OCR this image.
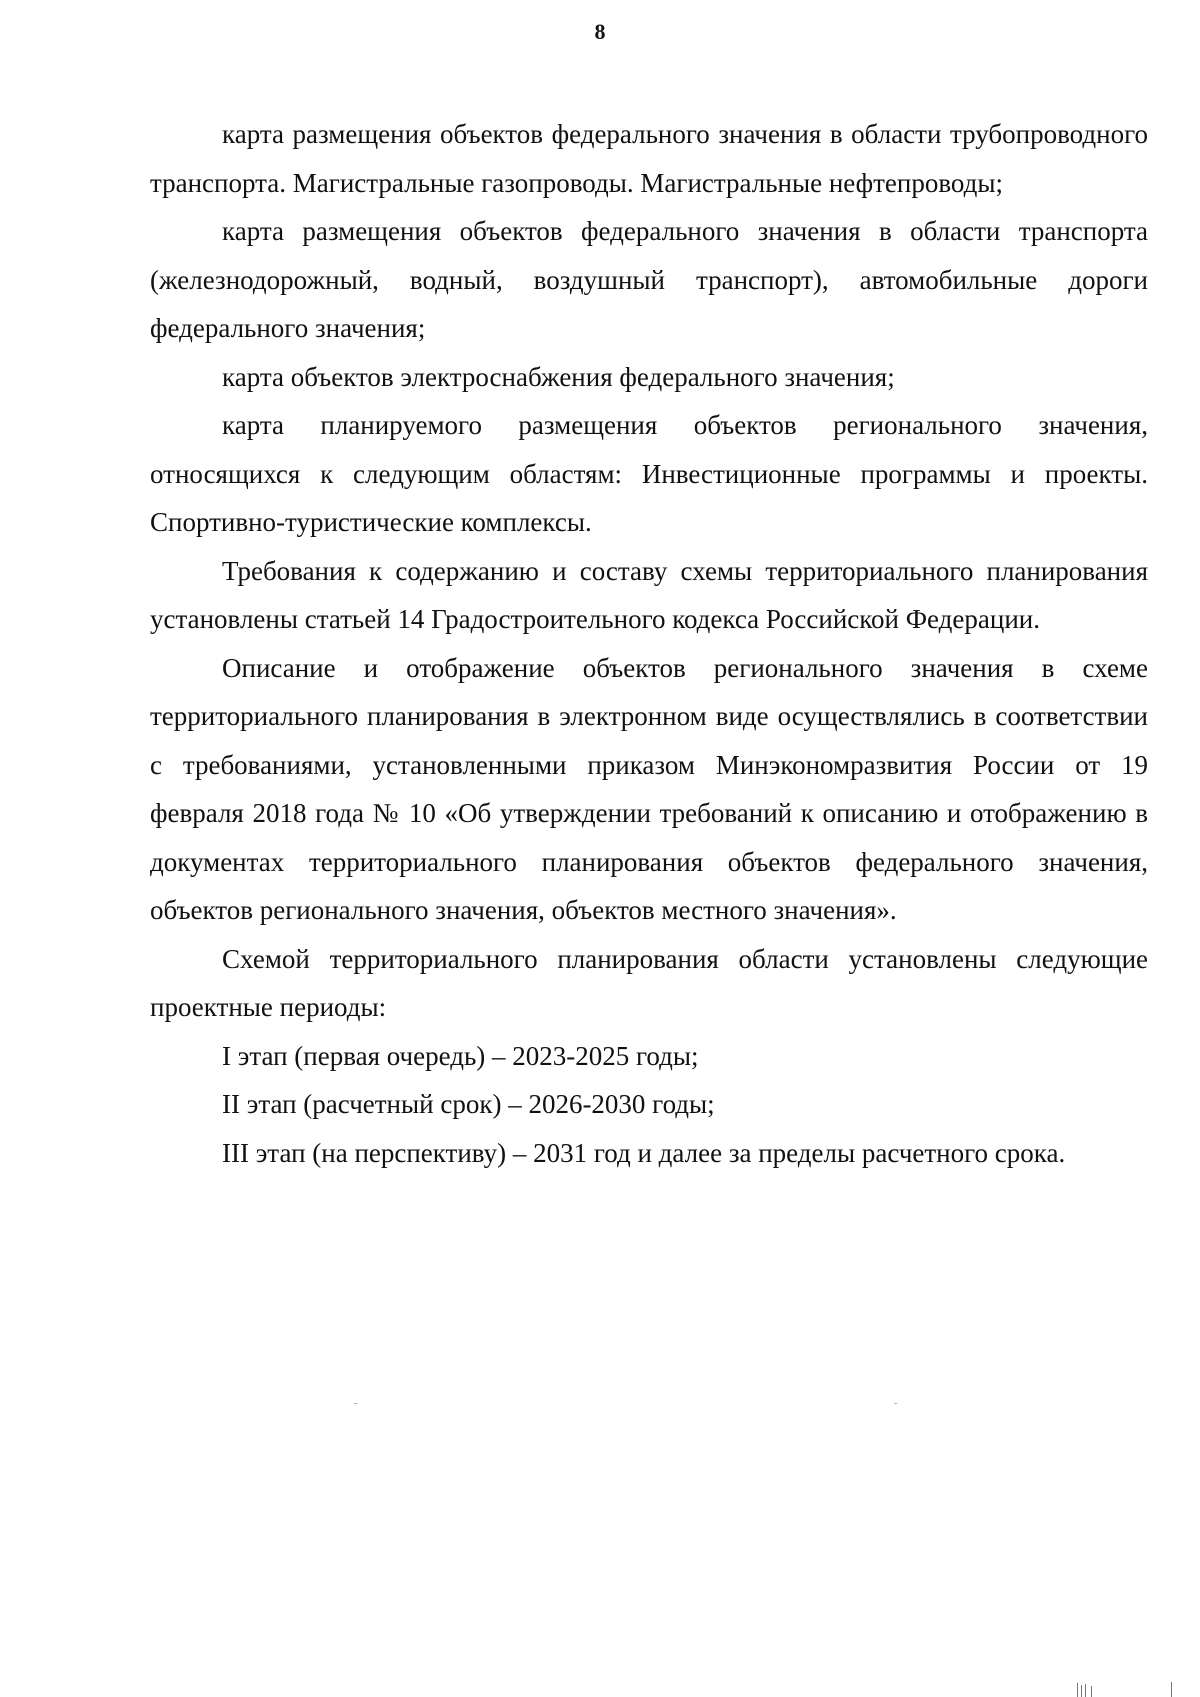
8

карта размещения объектов федерального значения в области трубопроводного транспорта. Магистральные газопроводы. Магистральные нефтепроводы;

карта размещения объектов федерального значения в области транспорта (железнодорожный, водный, воздушный транспорт), автомобильные дороги федерального значения;

карта объектов электроснабжения федерального значения;

карта планируемого размещения объектов регионального значения, относящихся к следующим областям: Инвестиционные программы и проекты. Спортивно-туристические комплексы.

Требования к содержанию и составу схемы территориального планирования установлены статьей 14 Градостроительного кодекса Российской Федерации.

Описание и отображение объектов регионального значения в схеме территориального планирования в электронном виде осуществлялись в соответствии с требованиями, установленными приказом Минэкономразвития России от 19 февраля 2018 года № 10 «Об утверждении требований к описанию и отображению в документах территориального планирования объектов федерального значения, объектов регионального значения, объектов местного значения».

Схемой территориального планирования области установлены следующие проектные периоды:

I этап (первая очередь) – 2023-2025 годы;

II этап (расчетный срок) – 2026-2030 годы;

III этап (на перспективу) – 2031 год и далее за пределы расчетного срока.
